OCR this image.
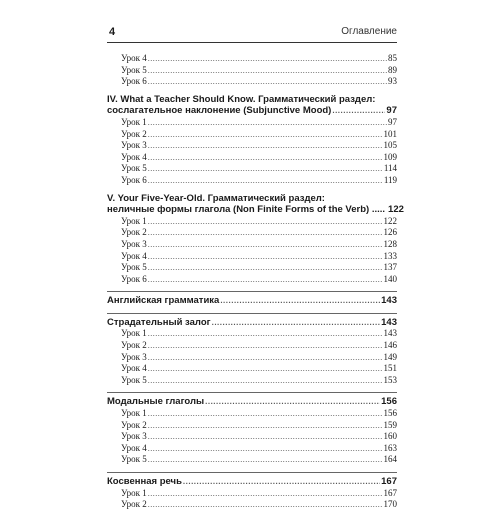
4	Оглавление
Урок 4 .....	85
Урок 5 .....	89
Урок 6 .....	93
IV. What a Teacher Should Know. Грамматический раздел:
сослагательное наклонение (Subjunctive Mood) .....	97
Урок 1 .....	97
Урок 2 .....	101
Урок 3 .....	105
Урок 4 .....	109
Урок 5 .....	114
Урок 6 .....	119
V. Your Five-Year-Old. Грамматический раздел:
неличные формы глагола (Non Finite Forms of the Verb) ..... 122
Урок 1 .....	122
Урок 2 .....	126
Урок 3 .....	128
Урок 4 .....	133
Урок 5 .....	137
Урок 6 .....	140
Английская грамматика .....	143
Страдательный залог .....	143
Урок 1 .....	143
Урок 2 .....	146
Урок 3 .....	149
Урок 4 .....	151
Урок 5 .....	153
Модальные глаголы .....	156
Урок 1 .....	156
Урок 2 .....	159
Урок 3 .....	160
Урок 4 .....	163
Урок 5 .....	164
Косвенная речь .....	167
Урок 1 .....	167
Урок 2 .....	170
